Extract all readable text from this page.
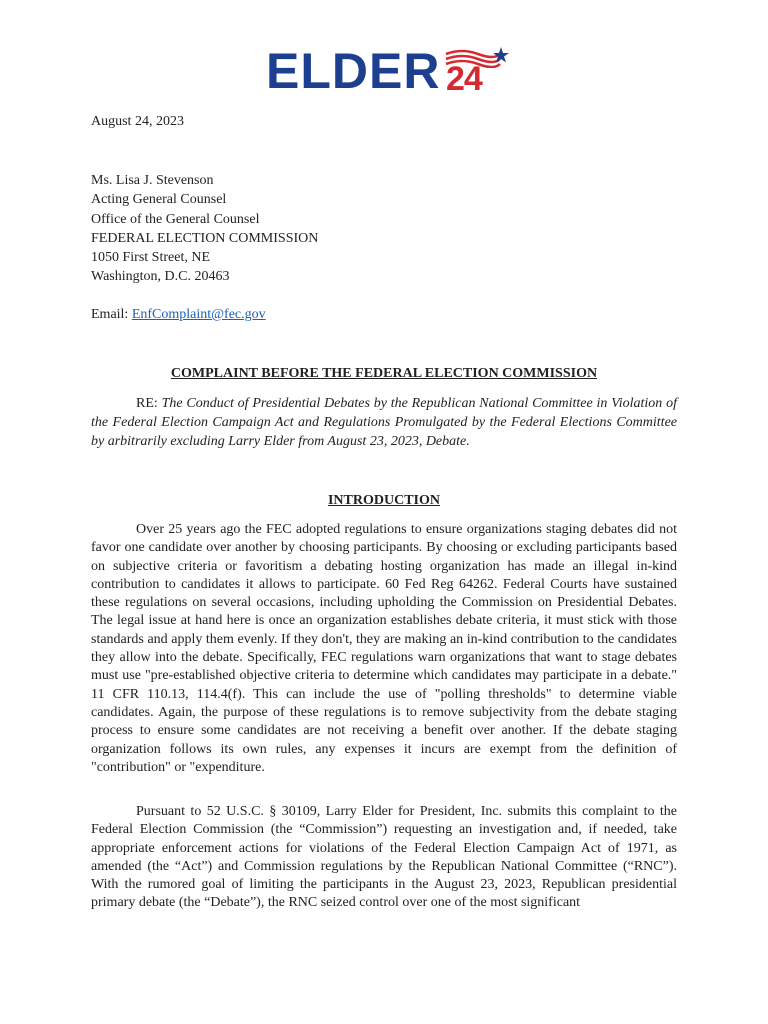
ELDER 24
August 24, 2023
Ms. Lisa J. Stevenson
Acting General Counsel
Office of the General Counsel
FEDERAL ELECTION COMMISSION
1050 First Street, NE
Washington, D.C. 20463
Email: EnfComplaint@fec.gov
COMPLAINT BEFORE THE FEDERAL ELECTION COMMISSION
RE: The Conduct of Presidential Debates by the Republican National Committee in Violation of the Federal Election Campaign Act and Regulations Promulgated by the Federal Elections Committee by arbitrarily excluding Larry Elder from August 23, 2023, Debate.
INTRODUCTION
Over 25 years ago the FEC adopted regulations to ensure organizations staging debates did not favor one candidate over another by choosing participants. By choosing or excluding participants based on subjective criteria or favoritism a debating hosting organization has made an illegal in-kind contribution to candidates it allows to participate. 60 Fed Reg 64262. Federal Courts have sustained these regulations on several occasions, including upholding the Commission on Presidential Debates. The legal issue at hand here is once an organization establishes debate criteria, it must stick with those standards and apply them evenly. If they don't, they are making an in-kind contribution to the candidates they allow into the debate. Specifically, FEC regulations warn organizations that want to stage debates must use "pre-established objective criteria to determine which candidates may participate in a debate." 11 CFR 110.13, 114.4(f). This can include the use of "polling thresholds" to determine viable candidates. Again, the purpose of these regulations is to remove subjectivity from the debate staging process to ensure some candidates are not receiving a benefit over another. If the debate staging organization follows its own rules, any expenses it incurs are exempt from the definition of "contribution" or "expenditure.
Pursuant to 52 U.S.C. § 30109, Larry Elder for President, Inc. submits this complaint to the Federal Election Commission (the “Commission”) requesting an investigation and, if needed, take appropriate enforcement actions for violations of the Federal Election Campaign Act of 1971, as amended (the “Act”) and Commission regulations by the Republican National Committee (“RNC”). With the rumored goal of limiting the participants in the August 23, 2023, Republican presidential primary debate (the “Debate”), the RNC seized control over one of the most significant
